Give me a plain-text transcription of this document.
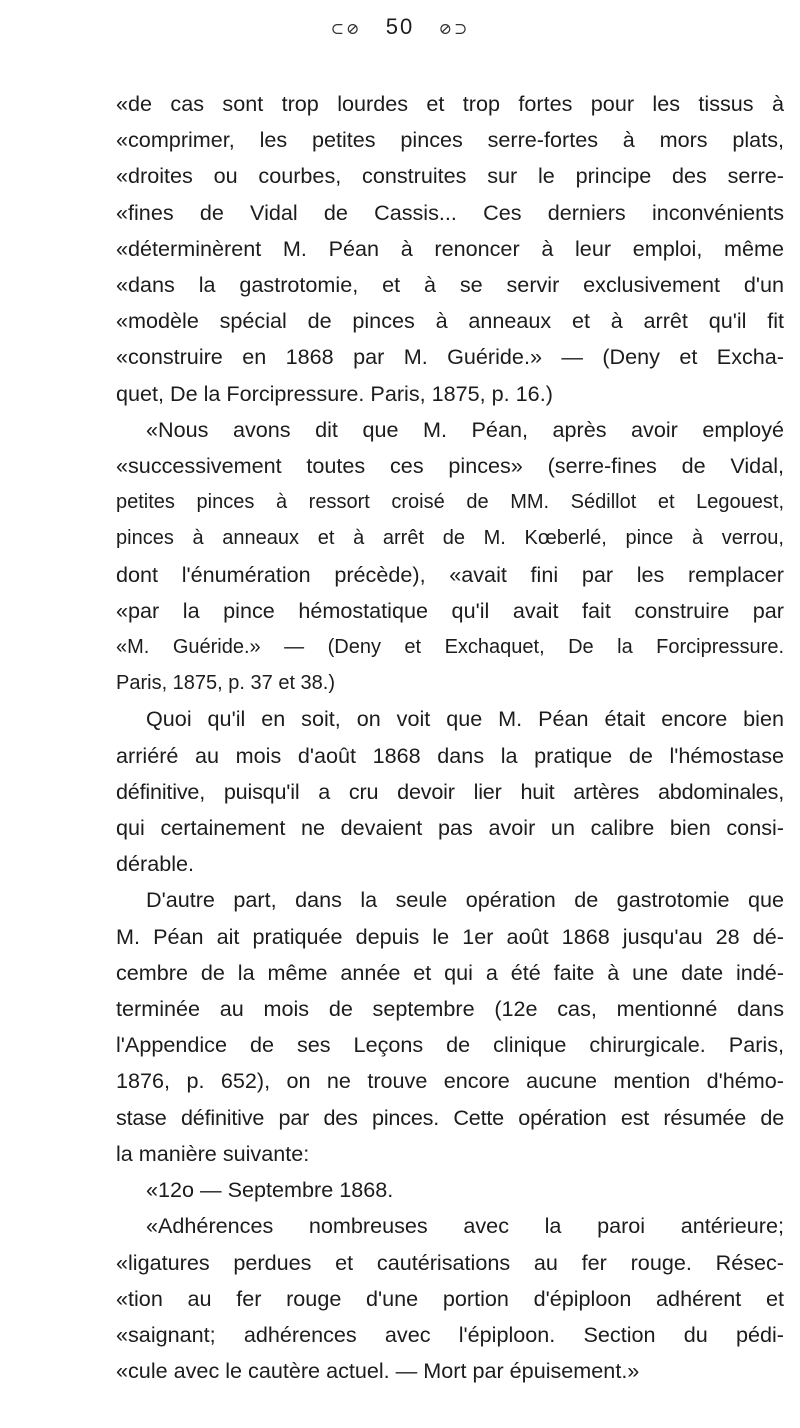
⊂⊘ 50 ⊘⊃
«de cas sont trop lourdes et trop fortes pour les tissus à
«comprimer, les petites pinces serre-fortes à mors plats,
«droites ou courbes, construites sur le principe des serre-
«fines de Vidal de Cassis... Ces derniers inconvénients
«déterminèrent M. Péan à renoncer à leur emploi, même
«dans la gastrotomie, et à se servir exclusivement d'un
«modèle spécial de pinces à anneaux et à arrêt qu'il fit
«construire en 1868 par M. Guéride.» — (Deny et Excha-
quet, De la Forcipressure. Paris, 1875, p. 16.)
«Nous avons dit que M. Péan, après avoir employé
«successivement toutes ces pinces» (serre-fines de Vidal,
petites pinces à ressort croisé de MM. Sédillot et Legouest,
pinces à anneaux et à arrêt de M. Kœberlé, pince à verrou,
dont l'énumération précède), «avait fini par les remplacer
«par la pince hémostatique qu'il avait fait construire par
«M. Guéride.» — (Deny et Exchaquet, De la Forcipressure.
Paris, 1875, p. 37 et 38.)
Quoi qu'il en soit, on voit que M. Péan était encore bien
arriéré au mois d'août 1868 dans la pratique de l'hémostase
définitive, puisqu'il a cru devoir lier huit artères abdominales,
qui certainement ne devaient pas avoir un calibre bien consi-
dérable.
D'autre part, dans la seule opération de gastrotomie que
M. Péan ait pratiquée depuis le 1er août 1868 jusqu'au 28 dé-
cembre de la même année et qui a été faite à une date indé-
terminée au mois de septembre (12e cas, mentionné dans
l'Appendice de ses Leçons de clinique chirurgicale. Paris,
1876, p. 652), on ne trouve encore aucune mention d'hémo-
stase définitive par des pinces. Cette opération est résumée de
la manière suivante:
«12o — Septembre 1868.
«Adhérences nombreuses avec la paroi antérieure;
«ligatures perdues et cautérisations au fer rouge. Résec-
«tion au fer rouge d'une portion d'épiploon adhérent et
«saignant; adhérences avec l'épiploon. Section du pédi-
«cule avec le cautère actuel. — Mort par épuisement.»
